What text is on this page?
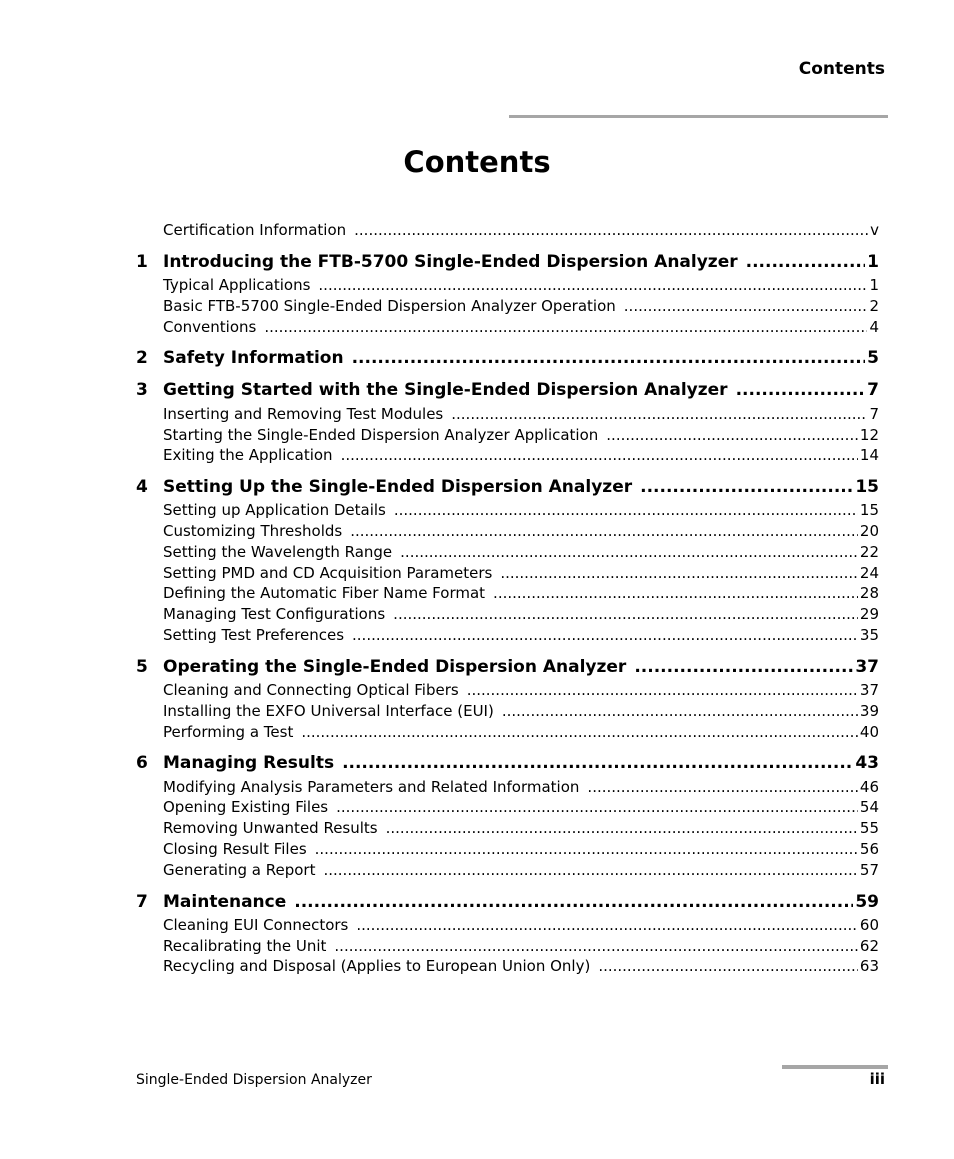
Contents
Contents
Certification Information .....	v
1 Introducing the FTB-5700 Single-Ended Dispersion Analyzer .....	1
Typical Applications .....	1
Basic FTB-5700 Single-Ended Dispersion Analyzer Operation .....	2
Conventions .....	4
2 Safety Information .....	5
3 Getting Started with the Single-Ended Dispersion Analyzer .....	7
Inserting and Removing Test Modules .....	7
Starting the Single-Ended Dispersion Analyzer Application .....	12
Exiting the Application .....	14
4 Setting Up the Single-Ended Dispersion Analyzer .....	15
Setting up Application Details .....	15
Customizing Thresholds .....	20
Setting the Wavelength Range .....	22
Setting PMD and CD Acquisition Parameters .....	24
Defining the Automatic Fiber Name Format .....	28
Managing Test Configurations .....	29
Setting Test Preferences .....	35
5 Operating the Single-Ended Dispersion Analyzer .....	37
Cleaning and Connecting Optical Fibers .....	37
Installing the EXFO Universal Interface (EUI) .....	39
Performing a Test .....	40
6 Managing Results .....	43
Modifying Analysis Parameters and Related Information .....	46
Opening Existing Files .....	54
Removing Unwanted Results .....	55
Closing Result Files .....	56
Generating a Report .....	57
7 Maintenance .....	59
Cleaning EUI Connectors .....	60
Recalibrating the Unit .....	62
Recycling and Disposal (Applies to European Union Only) .....	63
Single-Ended Dispersion Analyzer	iii
